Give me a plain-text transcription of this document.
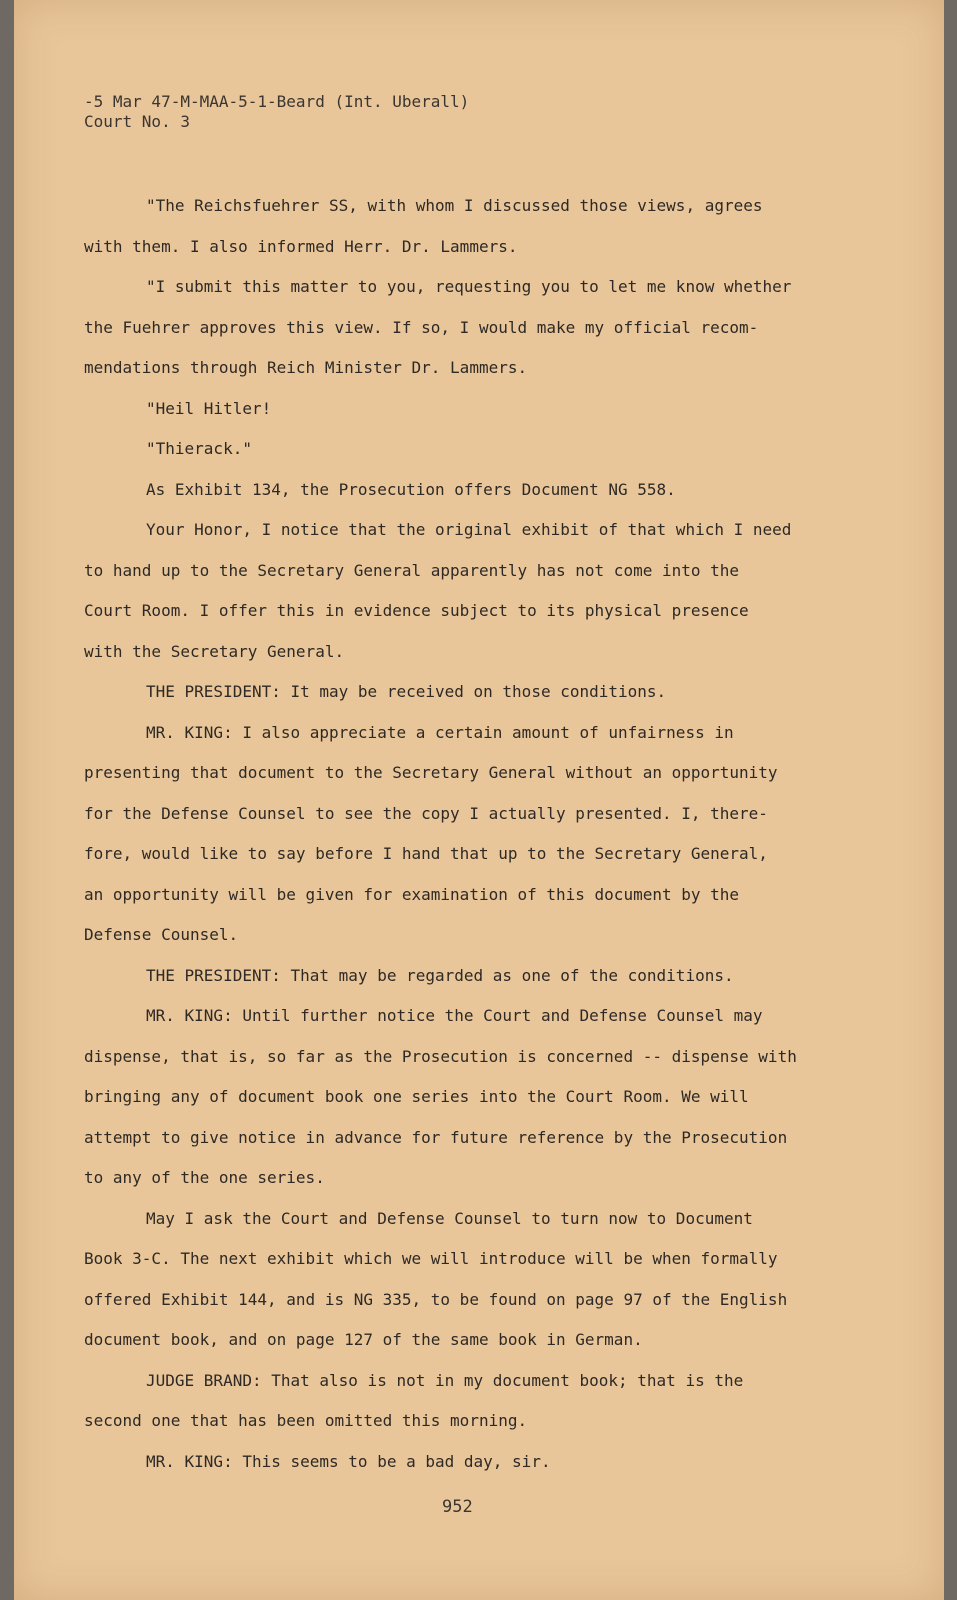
-5 Mar 47-M-MAA-5-1-Beard (Int. Uberall)
Court No. 3
"The Reichsfuehrer SS, with whom I discussed those views, agrees
with them. I also informed Herr. Dr. Lammers.
"I submit this matter to you, requesting you to let me know whether
the Fuehrer approves this view. If so, I would make my official recom-
mendations through Reich Minister Dr. Lammers.
"Heil Hitler!
"Thierack."
As Exhibit 134, the Prosecution offers Document NG 558.
Your Honor, I notice that the original exhibit of that which I need
to hand up to the Secretary General apparently has not come into the
Court Room. I offer this in evidence subject to its physical presence
with the Secretary General.
THE PRESIDENT: It may be received on those conditions.
MR. KING: I also appreciate a certain amount of unfairness in
presenting that document to the Secretary General without an opportunity
for the Defense Counsel to see the copy I actually presented. I, there-
fore, would like to say before I hand that up to the Secretary General,
an opportunity will be given for examination of this document by the
Defense Counsel.
THE PRESIDENT: That may be regarded as one of the conditions.
MR. KING: Until further notice the Court and Defense Counsel may
dispense, that is, so far as the Prosecution is concerned -- dispense with
bringing any of document book one series into the Court Room. We will
attempt to give notice in advance for future reference by the Prosecution
to any of the one series.
May I ask the Court and Defense Counsel to turn now to Document
Book 3-C. The next exhibit which we will introduce will be when formally
offered Exhibit 144, and is NG 335, to be found on page 97 of the English
document book, and on page 127 of the same book in German.
JUDGE BRAND: That also is not in my document book; that is the
second one that has been omitted this morning.
MR. KING: This seems to be a bad day, sir.
952
